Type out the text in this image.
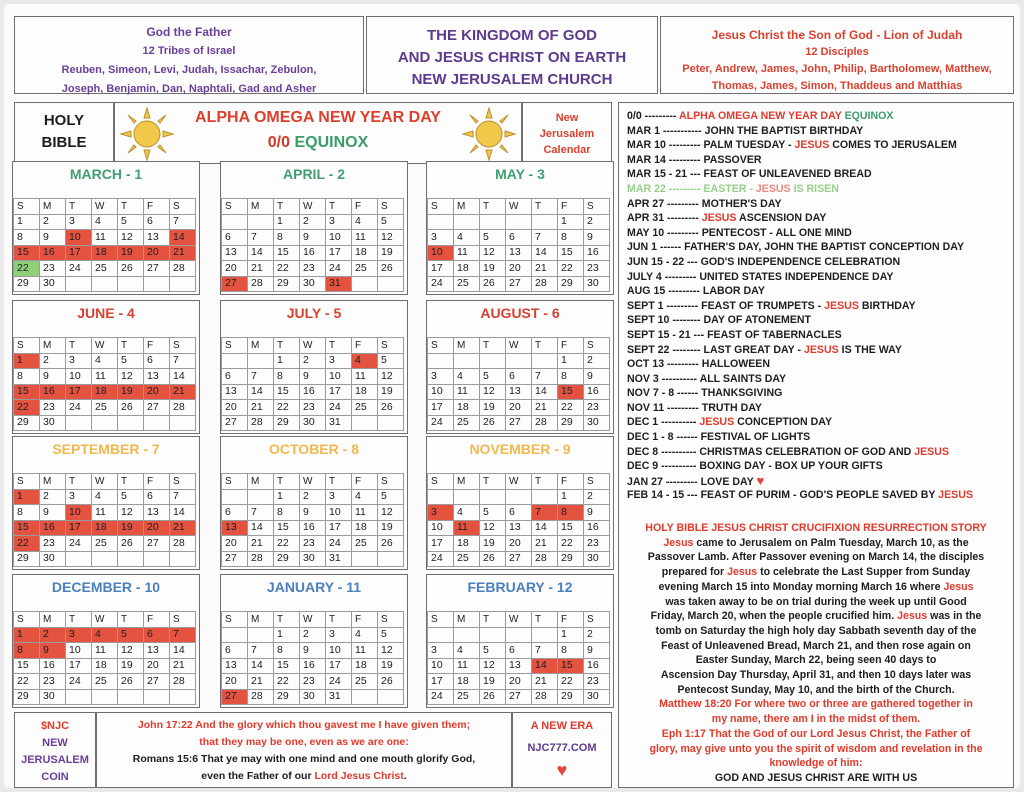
God the Father
12 Tribes of Israel
Reuben, Simeon, Levi, Judah, Issachar, Zebulon,
Joseph, Benjamin, Dan, Naphtali, Gad and Asher
THE KINGDOM OF GOD
AND JESUS CHRIST ON EARTH
NEW JERUSALEM CHURCH
Jesus Christ the Son of God - Lion of Judah
12 Disciples
Peter, Andrew, James, John, Philip, Bartholomew, Matthew,
Thomas, James, Simon, Thaddeus and Matthias
HOLY
BIBLE
ALPHA OMEGA NEW YEAR DAY
0/0 EQUINOX
New
Jerusalem
Calendar
MARCH - 1
S	M	T	W	T	F	S
1	2	3	4	5	6	7
8	9	10	11	12	13	14
15	16	17	18	19	20	21
22	23	24	25	26	27	28
29	30					
APRIL - 2
S	M	T	W	T	F	S
		1	2	3	4	5
6	7	8	9	10	11	12
13	14	15	16	17	18	19
20	21	22	23	24	25	26
27	28	29	30	31		
MAY - 3
S	M	T	W	T	F	S
					1	2
3	4	5	6	7	8	9
10	11	12	13	14	15	16
17	18	19	20	21	22	23
24	25	26	27	28	29	30
JUNE - 4
S	M	T	W	T	F	S
1	2	3	4	5	6	7
8	9	10	11	12	13	14
15	16	17	18	19	20	21
22	23	24	25	26	27	28
29	30					
JULY - 5
S	M	T	W	T	F	S
		1	2	3	4	5
6	7	8	9	10	11	12
13	14	15	16	17	18	19
20	21	22	23	24	25	26
27	28	29	30	31		
AUGUST - 6
S	M	T	W	T	F	S
					1	2
3	4	5	6	7	8	9
10	11	12	13	14	15	16
17	18	19	20	21	22	23
24	25	26	27	28	29	30
SEPTEMBER - 7
S	M	T	W	T	F	S
1	2	3	4	5	6	7
8	9	10	11	12	13	14
15	16	17	18	19	20	21
22	23	24	25	26	27	28
29	30					
OCTOBER - 8
S	M	T	W	T	F	S
		1	2	3	4	5
6	7	8	9	10	11	12
13	14	15	16	17	18	19
20	21	22	23	24	25	26
27	28	29	30	31		
NOVEMBER - 9
S	M	T	W	T	F	S
					1	2
3	4	5	6	7	8	9
10	11	12	13	14	15	16
17	18	19	20	21	22	23
24	25	26	27	28	29	30
DECEMBER - 10
S	M	T	W	T	F	S
1	2	3	4	5	6	7
8	9	10	11	12	13	14
15	16	17	18	19	20	21
22	23	24	25	26	27	28
29	30					
JANUARY - 11
S	M	T	W	T	F	S
		1	2	3	4	5
6	7	8	9	10	11	12
13	14	15	16	17	18	19
20	21	22	23	24	25	26
27	28	29	30	31		
FEBRUARY - 12
S	M	T	W	T	F	S
					1	2
3	4	5	6	7	8	9
10	11	12	13	14	15	16
17	18	19	20	21	22	23
24	25	26	27	28	29	30
0/0 --------- ALPHA OMEGA NEW YEAR DAY EQUINOX
MAR 1 ----------- JOHN THE BAPTIST BIRTHDAY
MAR 10 --------- PALM TUESDAY - JESUS COMES TO JERUSALEM
MAR 14 --------- PASSOVER
MAR 15 - 21 --- FEAST OF UNLEAVENED BREAD
MAR 22 --------- EASTER - JESUS IS RISEN
APR 27 --------- MOTHER'S DAY
APR 31 --------- JESUS ASCENSION DAY
MAY 10 --------- PENTECOST - ALL ONE MIND
JUN 1 ------ FATHER'S DAY, JOHN THE BAPTIST CONCEPTION DAY
JUN 15 - 22 --- GOD'S INDEPENDENCE CELEBRATION
JULY 4 --------- UNITED STATES INDEPENDENCE DAY
AUG 15 --------- LABOR DAY
SEPT 1 --------- FEAST OF TRUMPETS - JESUS BIRTHDAY
SEPT 10 -------- DAY OF ATONEMENT
SEPT 15 - 21 --- FEAST OF TABERNACLES
SEPT 22 -------- LAST GREAT DAY - JESUS IS THE WAY
OCT 13 --------- HALLOWEEN
NOV 3 ---------- ALL SAINTS DAY
NOV 7 - 8 ------ THANKSGIVING
NOV 11 --------- TRUTH DAY
DEC 1 ---------- JESUS CONCEPTION DAY
DEC 1 - 8 ------ FESTIVAL OF LIGHTS
DEC 8 ---------- CHRISTMAS CELEBRATION OF GOD AND JESUS
DEC 9 ---------- BOXING DAY - BOX UP YOUR GIFTS
JAN 27 --------- LOVE DAY ♥
FEB 14 - 15 --- FEAST OF PURIM - GOD'S PEOPLE SAVED BY JESUS
HOLY BIBLE JESUS CHRIST CRUCIFIXION RESURRECTION STORY
Jesus came to Jerusalem on Palm Tuesday, March 10, as the
Passover Lamb. After Passover evening on March 14, the disciples
prepared for Jesus to celebrate the Last Supper from Sunday
evening March 15 into Monday morning March 16 where Jesus
was taken away to be on trial during the week up until Good
Friday, March 20, when the people crucified him. Jesus was in the
tomb on Saturday the high holy day Sabbath seventh day of the
Feast of Unleavened Bread, March 21, and then rose again on
Easter Sunday, March 22, being seen 40 days to
Ascension Day Thursday, April 31, and then 10 days later was
Pentecost Sunday, May 10, and the birth of the Church.
Matthew 18:20 For where two or three are gathered together in
my name, there am I in the midst of them.
Eph 1:17 That the God of our Lord Jesus Christ, the Father of
glory, may give unto you the spirit of wisdom and revelation in the
knowledge of him:
GOD AND JESUS CHRIST ARE WITH US
$NJC
NEW
JERUSALEM
COIN
John 17:22 And the glory which thou gavest me I have given them;
that they may be one, even as we are one:
Romans 15:6 That ye may with one mind and one mouth glorify God,
even the Father of our Lord Jesus Christ.
A NEW ERA
NJC777.COM
♥
